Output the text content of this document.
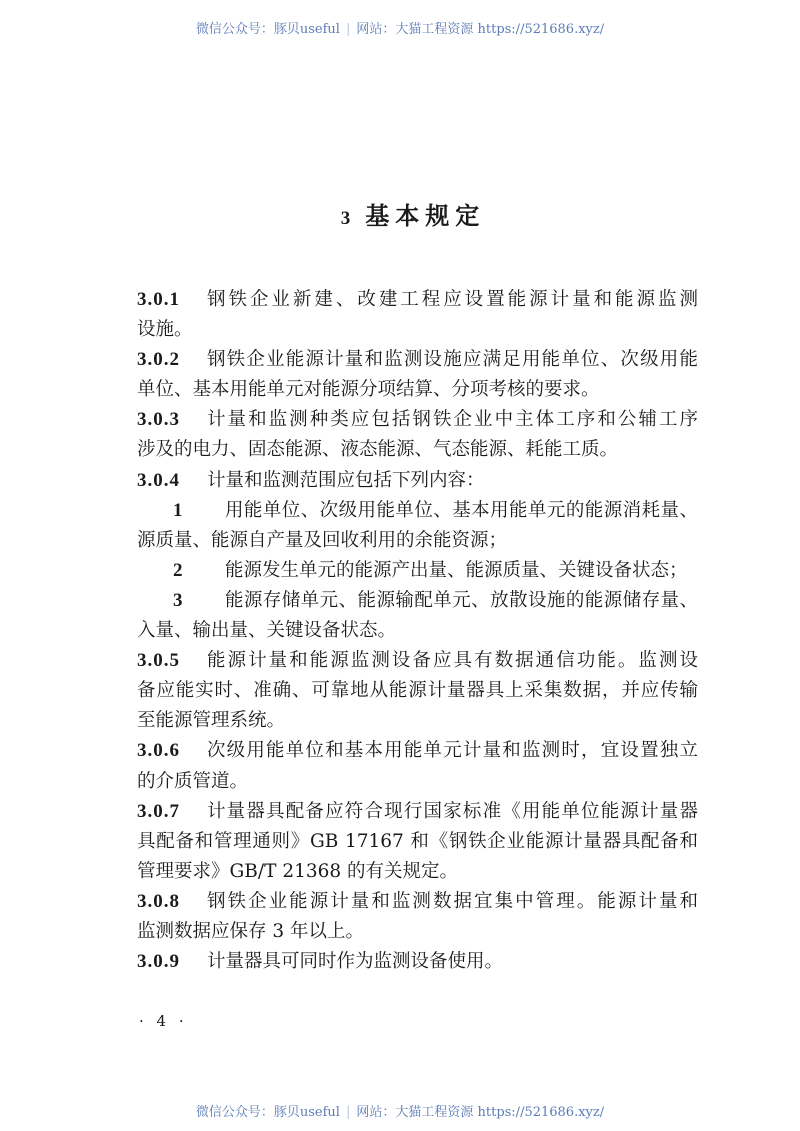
微信公众号：豚贝useful | 网站：大猫工程资源 https://521686.xyz/
3 基本规定
3.0.1	钢铁企业新建、改建工程应设置能源计量和能源监测
设施。
3.0.2	钢铁企业能源计量和监测设施应满足用能单位、次级用能
单位、基本用能单元对能源分项结算、分项考核的要求。
3.0.3	计量和监测种类应包括钢铁企业中主体工序和公辅工序
涉及的电力、固态能源、液态能源、气态能源、耗能工质。
3.0.4	计量和监测范围应包括下列内容：
1	用能单位、次级用能单位、基本用能单元的能源消耗量、
源质量、能源自产量及回收利用的余能资源；
2	能源发生单元的能源产出量、能源质量、关键设备状态；
3	能源存储单元、能源输配单元、放散设施的能源储存量、
入量、输出量、关键设备状态。
3.0.5	能源计量和能源监测设备应具有数据通信功能。监测设
备应能实时、准确、可靠地从能源计量器具上采集数据，并应传输
至能源管理系统。
3.0.6	次级用能单位和基本用能单元计量和监测时，宜设置独立
的介质管道。
3.0.7	计量器具配备应符合现行国家标准《用能单位能源计量器
具配备和管理通则》GB 17167 和《钢铁企业能源计量器具配备和
管理要求》GB/T 21368 的有关规定。
3.0.8	钢铁企业能源计量和监测数据宜集中管理。能源计量和
监测数据应保存 3 年以上。
3.0.9	计量器具可同时作为监测设备使用。
· 4 ·
微信公众号：豚贝useful | 网站：大猫工程资源 https://521686.xyz/
